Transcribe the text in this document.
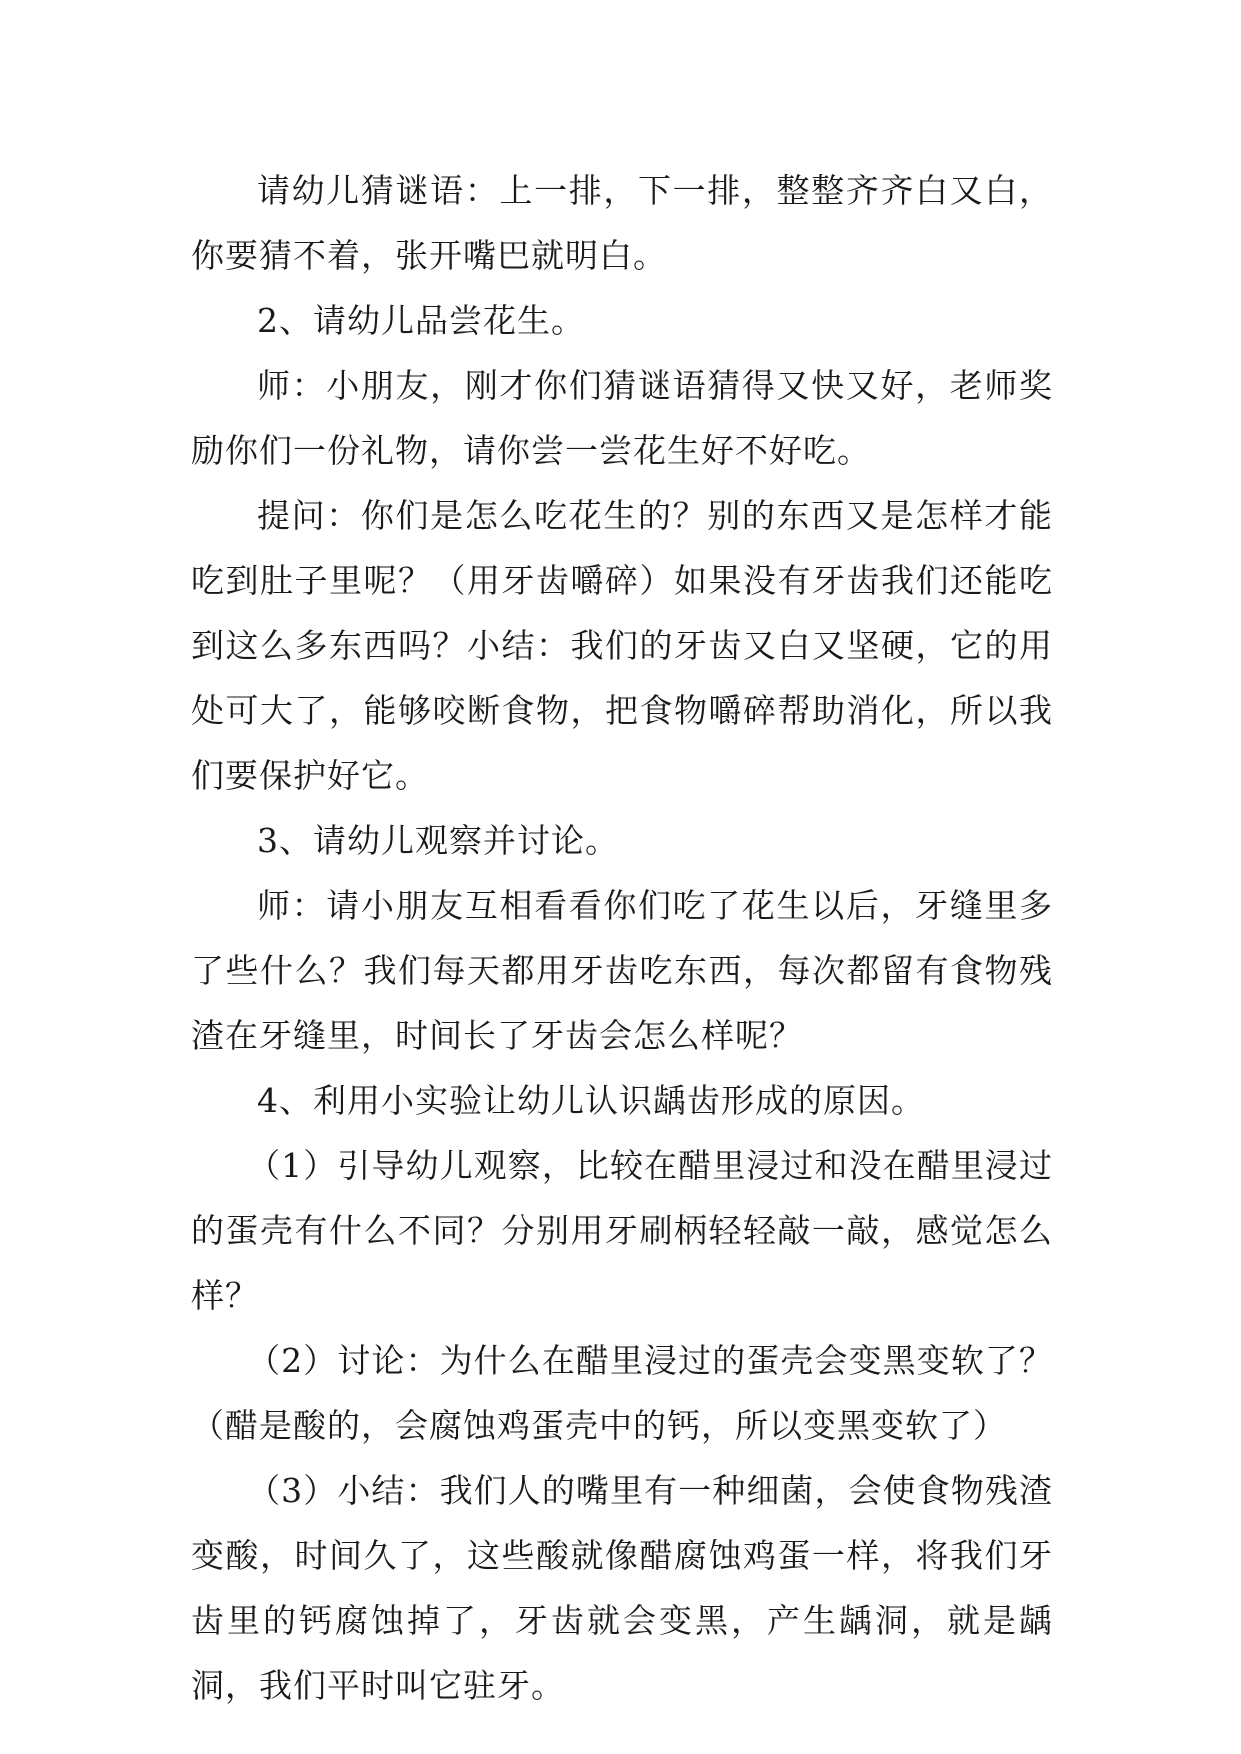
请幼儿猜谜语：上一排，下一排，整整齐齐白又白，你要猜不着，张开嘴巴就明白。

2、请幼儿品尝花生。

师：小朋友，刚才你们猜谜语猜得又快又好，老师奖励你们一份礼物，请你尝一尝花生好不好吃。

提问：你们是怎么吃花生的？别的东西又是怎样才能吃到肚子里呢？（用牙齿嚼碎）如果没有牙齿我们还能吃到这么多东西吗？小结：我们的牙齿又白又坚硬，它的用处可大了，能够咬断食物，把食物嚼碎帮助消化，所以我们要保护好它。

3、请幼儿观察并讨论。

师：请小朋友互相看看你们吃了花生以后，牙缝里多了些什么？我们每天都用牙齿吃东西，每次都留有食物残渣在牙缝里，时间长了牙齿会怎么样呢？

4、利用小实验让幼儿认识龋齿形成的原因。

（1）引导幼儿观察，比较在醋里浸过和没在醋里浸过的蛋壳有什么不同？分别用牙刷柄轻轻敲一敲，感觉怎么样？

（2）讨论：为什么在醋里浸过的蛋壳会变黑变软了？（醋是酸的，会腐蚀鸡蛋壳中的钙，所以变黑变软了）

（3）小结：我们人的嘴里有一种细菌，会使食物残渣变酸，时间久了，这些酸就像醋腐蚀鸡蛋一样，将我们牙齿里的钙腐蚀掉了，牙齿就会变黑，产生龋洞，就是龋洞，我们平时叫它驻牙。
